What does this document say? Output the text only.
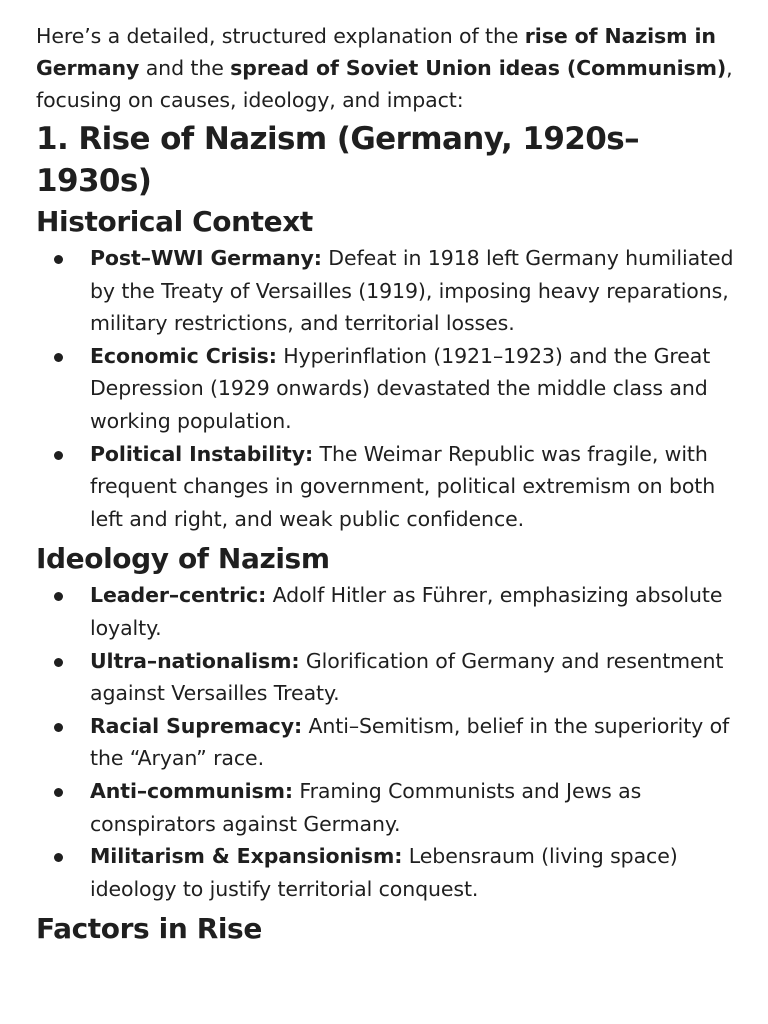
Here’s a detailed, structured explanation of the rise of Nazism in Germany and the spread of Soviet Union ideas (Communism), focusing on causes, ideology, and impact:

1. Rise of Nazism (Germany, 1920s–1930s)
Historical Context
Post–WWI Germany: Defeat in 1918 left Germany humiliated by the Treaty of Versailles (1919), imposing heavy reparations, military restrictions, and territorial losses.
Economic Crisis: Hyperinflation (1921–1923) and the Great Depression (1929 onwards) devastated the middle class and working population.
Political Instability: The Weimar Republic was fragile, with frequent changes in government, political extremism on both left and right, and weak public confidence.
Ideology of Nazism
Leader–centric: Adolf Hitler as Führer, emphasizing absolute loyalty.
Ultra–nationalism: Glorification of Germany and resentment against Versailles Treaty.
Racial Supremacy: Anti–Semitism, belief in the superiority of the “Aryan” race.
Anti–communism: Framing Communists and Jews as conspirators against Germany.
Militarism & Expansionism: Lebensraum (living space) ideology to justify territorial conquest.
Factors in Rise
